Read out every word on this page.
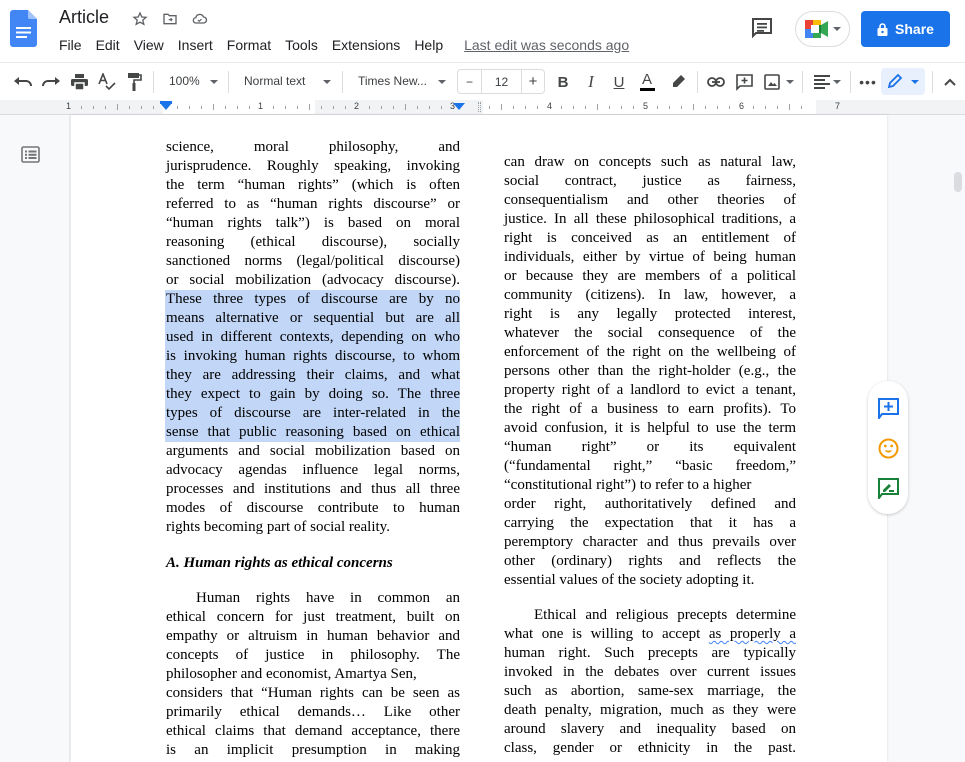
Article
File Edit View Insert Format Tools Extensions Help Last edit was seconds ago
Share
100%	Normal text	Times New...	B I U A	•••
−	12	+
1	1	2	3	4	5	6	7
science, moral philosophy, and
jurisprudence. Roughly speaking, invoking
the term “human rights” (which is often
referred to as “human rights discourse” or
“human rights talk”) is based on moral
reasoning (ethical discourse), socially
sanctioned norms (legal/political discourse)
or social mobilization (advocacy discourse).
These three types of discourse are by no
means alternative or sequential but are all
used in different contexts, depending on who
is invoking human rights discourse, to whom
they are addressing their claims, and what
they expect to gain by doing so. The three
types of discourse are inter-related in the
sense that public reasoning based on ethical
arguments and social mobilization based on
advocacy agendas influence legal norms,
processes and institutions and thus all three
modes of discourse contribute to human
rights becoming part of social reality.
A. Human rights as ethical concerns
Human rights have in common an
ethical concern for just treatment, built on
empathy or altruism in human behavior and
concepts of justice in philosophy. The
philosopher and economist, Amartya Sen,
considers that “Human rights can be seen as
primarily ethical demands… Like other
ethical claims that demand acceptance, there
is an implicit presumption in making
can draw on concepts such as natural law,
social contract, justice as fairness,
consequentialism and other theories of
justice. In all these philosophical traditions, a
right is conceived as an entitlement of
individuals, either by virtue of being human
or because they are members of a political
community (citizens). In law, however, a
right is any legally protected interest,
whatever the social consequence of the
enforcement of the right on the wellbeing of
persons other than the right-holder (e.g., the
property right of a landlord to evict a tenant,
the right of a business to earn profits). To
avoid confusion, it is helpful to use the term
“human right” or its equivalent
(“fundamental right,” “basic freedom,”
“constitutional right”) to refer to a higher
order right, authoritatively defined and
carrying the expectation that it has a
peremptory character and thus prevails over
other (ordinary) rights and reflects the
essential values of the society adopting it.
Ethical and religious precepts determine
what one is willing to accept as properly a
human right. Such precepts are typically
invoked in the debates over current issues
such as abortion, same-sex marriage, the
death penalty, migration, much as they were
around slavery and inequality based on
class, gender or ethnicity in the past.
